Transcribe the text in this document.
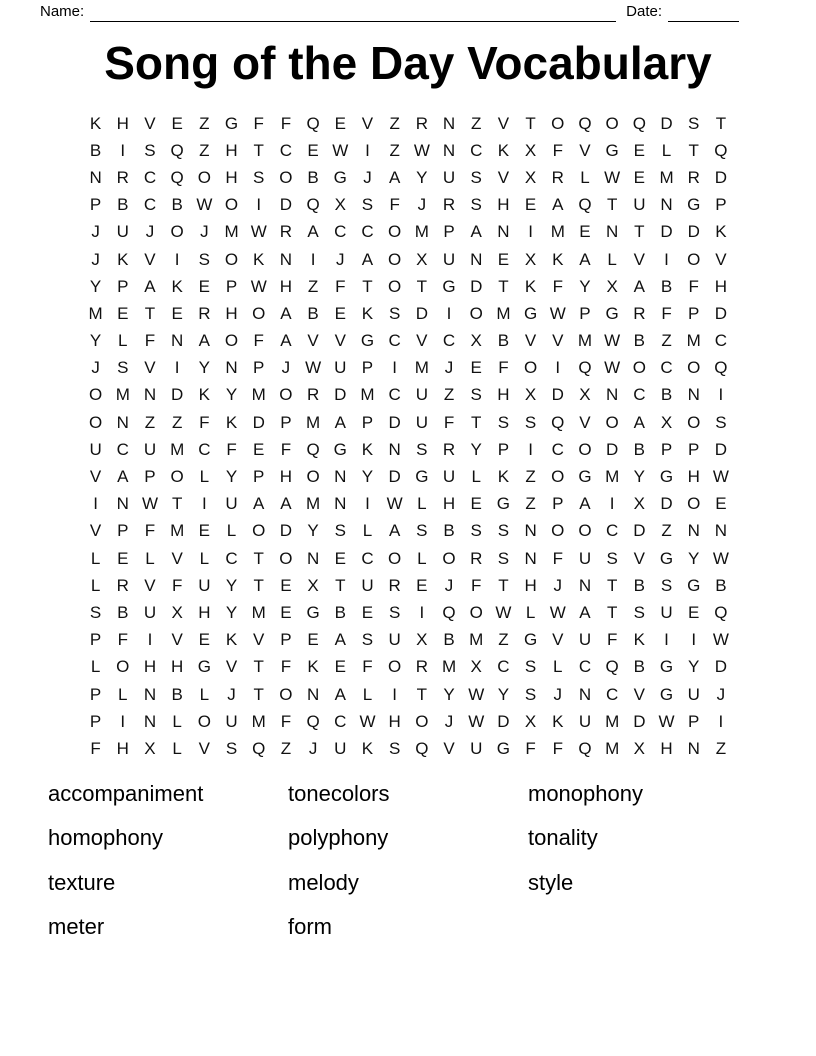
Name:	Date:
Song of the Day Vocabulary
K H V E Z G F F Q E V Z R N Z V T O Q O Q D S T
B	I	S Q Z H T C E W I	Z W N C K X F V G E L	T Q
N R C Q O H S O B G J	A Y U S V X R L W E M R D
P B C B W O	I	D Q X S F	J R S H E A Q T U N G P
J U J O J M W R A C C O M P A N	I	M E N T D D K
J	K V	I	S O K N	I	J	A O X U N E X K A L V	I	O V
Y P A K E P W H Z F T O T G D T K F Y X A B F H
M E T E R H O A B E K S D	I	O M G W P G R F P D
Y L	F N A O F A V V G C V C X B V V M W B Z M C
J	S V	I	Y N P	J W U P	I	M J	E F O	I	Q W O C O Q
O M N D K Y M O R D M C U Z S H X D X N C B N	I
O N Z Z F K D P M A P D U F T S S Q V O A X O S
U C U M C F E F Q G K N S R Y P	I	C O D B P P D
V A P O L Y P H O N Y D G U L K Z O G M Y G H W
I	N W T	I	U A A M N	I W L H E G Z P A	I	X D O E
V P F M E L O D Y S L A S B S S N O O C D Z N N
L E L V L C T O N E C O L O R S N F U S V G Y W
L R V F U Y T E X T U R E	J	F T H J N T B S G B
S B U X H Y M E G B E S	I	Q O W L W A T S U E Q
P F	I	V E K V P E A S U X B M Z G V U F K	I	I W
L O H H G V T F K E F O R M X C S L C Q B G Y D
P L N B L	J	T O N A L	I	T Y W Y S	J N C V G U J
P	I	N L O U M F Q C W H O J W D X K U M D W P	I
F H X L V S Q Z	J U K S Q V U G F F Q M X H N Z
accompaniment
homophony
texture
meter
tonecolors
polyphony
melody
form
monophony
tonality
style
